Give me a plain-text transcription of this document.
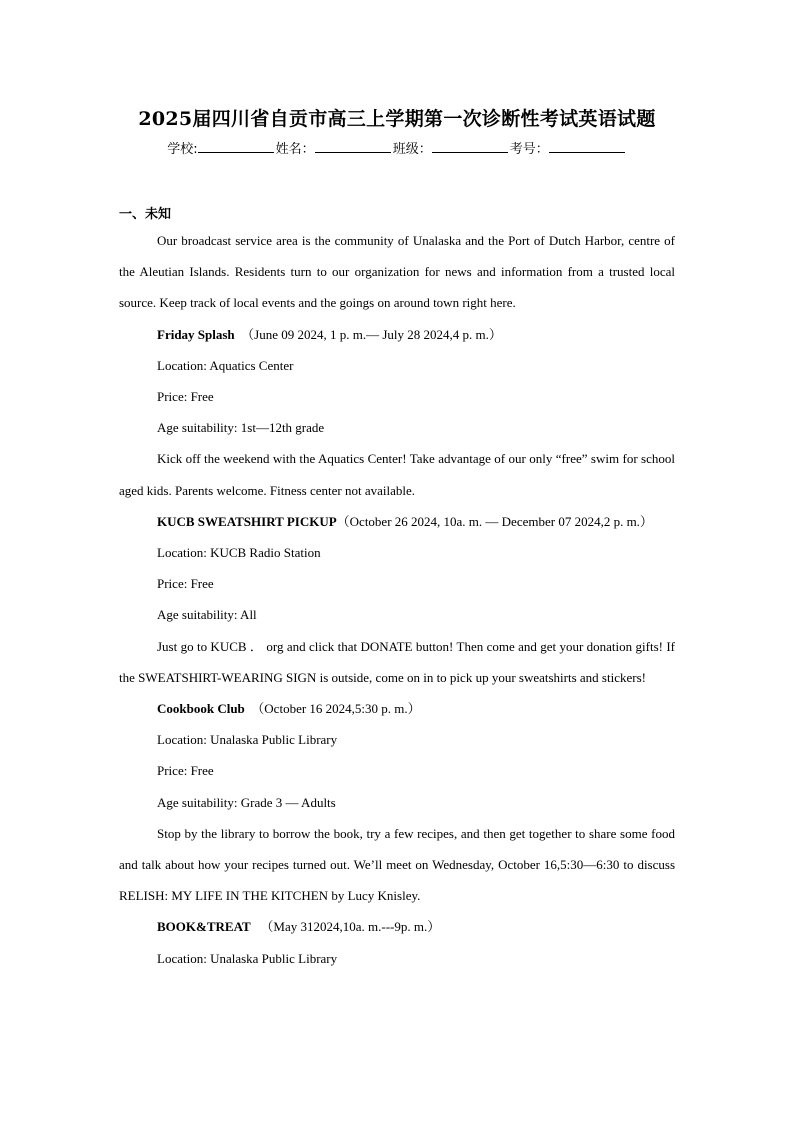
2025届四川省自贡市高三上学期第一次诊断性考试英语试题
学校:	姓名：	班级：	考号：
一、未知

Our broadcast service area is the community of Unalaska and the Port of Dutch Harbor, centre of the Aleutian Islands. Residents turn to our organization for news and information from a trusted local source. Keep track of local events and the goings on around town right here.

Friday Splash （June 09 2024, 1 p. m.— July 28 2024,4 p. m.）

Location: Aquatics Center

Price: Free

Age suitability: 1st—12th grade

Kick off the weekend with the Aquatics Center! Take advantage of our only “free” swim for school aged kids. Parents welcome. Fitness center not available.

KUCB SWEATSHIRT PICKUP（October 26 2024, 10a. m. — December 07 2024,2 p. m.）

Location: KUCB Radio Station

Price: Free

Age suitability: All

Just go to KUCB ． org and click that DONATE button! Then come and get your donation gifts! If the SWEATSHIRT-WEARING SIGN is outside, come on in to pick up your sweatshirts and stickers!

Cookbook Club （October 16 2024,5:30 p. m.）

Location: Unalaska Public Library

Price: Free

Age suitability: Grade 3 — Adults

Stop by the library to borrow the book, try a few recipes, and then get together to share some food and talk about how your recipes turned out. We’ll meet on Wednesday, October 16,5:30—6:30 to discuss RELISH: MY LIFE IN THE KITCHEN by Lucy Knisley.

BOOK&TREAT （May 312024,10a. m.---9p. m.）

Location: Unalaska Public Library
